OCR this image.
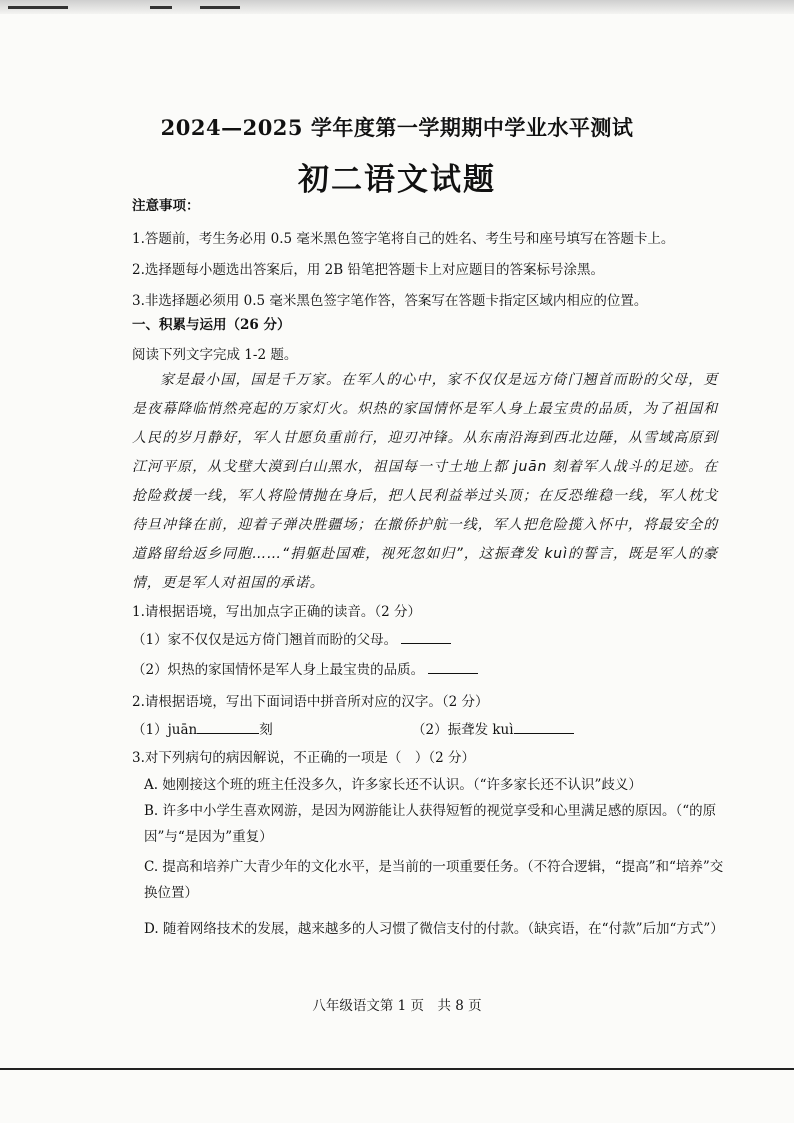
2024—2025 学年度第一学期期中学业水平测试
初二语文试题
注意事项：
1.答题前，考生务必用 0.5 毫米黑色签字笔将自己的姓名、考生号和座号填写在答题卡上。
2.选择题每小题选出答案后，用 2B 铅笔把答题卡上对应题目的答案标号涂黑。
3.非选择题必须用 0.5 毫米黑色签字笔作答，答案写在答题卡指定区域内相应的位置。
一、积累与运用（26 分）
阅读下列文字完成 1-2 题。

家是最小国，国是千万家。在军人的心中，家不仅仅是远方倚门翘首而盼的父母，更是夜幕降临悄然亮起的万家灯火。炽热的家国情怀是军人身上最宝贵的品质，为了祖国和人民的岁月静好，军人甘愿负重前行，迎刃冲锋。从东南沿海到西北边陲，从雪域高原到江河平原，从戈壁大漠到白山黑水，祖国每一寸土地上都 juān 刻着军人战斗的足迹。在抢险救援一线，军人将险情抛在身后，把人民利益举过头顶；在反恐维稳一线，军人枕戈待旦冲锋在前，迎着子弹决胜疆场；在撤侨护航一线，军人把危险揽入怀中，将最安全的道路留给返乡同胞……“捐躯赴国难，视死忽如归”，这振聋发 kuì的誓言，既是军人的豪情，更是军人对祖国的承诺。

1.请根据语境，写出加点字正确的读音。（2 分）
（1）家不仅仅是远方倚门翘首而盼的父母。
（2）炽热的家国情怀是军人身上最宝贵的品质。
2.请根据语境，写出下面词语中拼音所对应的汉字。（2 分）
（1）juān	刻	（2）振聋发 kuì
3.对下列病句的病因解说，不正确的一项是（　）（2 分）
A. 她刚接这个班的班主任没多久，许多家长还不认识。（“许多家长还不认识”歧义）
B. 许多中小学生喜欢网游，是因为网游能让人获得短暂的视觉享受和心里满足感的原因。（“的原因”与“是因为”重复）
C. 提高和培养广大青少年的文化水平，是当前的一项重要任务。（不符合逻辑，“提高”和“培养”交换位置）
D. 随着网络技术的发展，越来越多的人习惯了微信支付的付款。（缺宾语，在“付款”后加“方式”）
八年级语文第 1 页　共 8 页
